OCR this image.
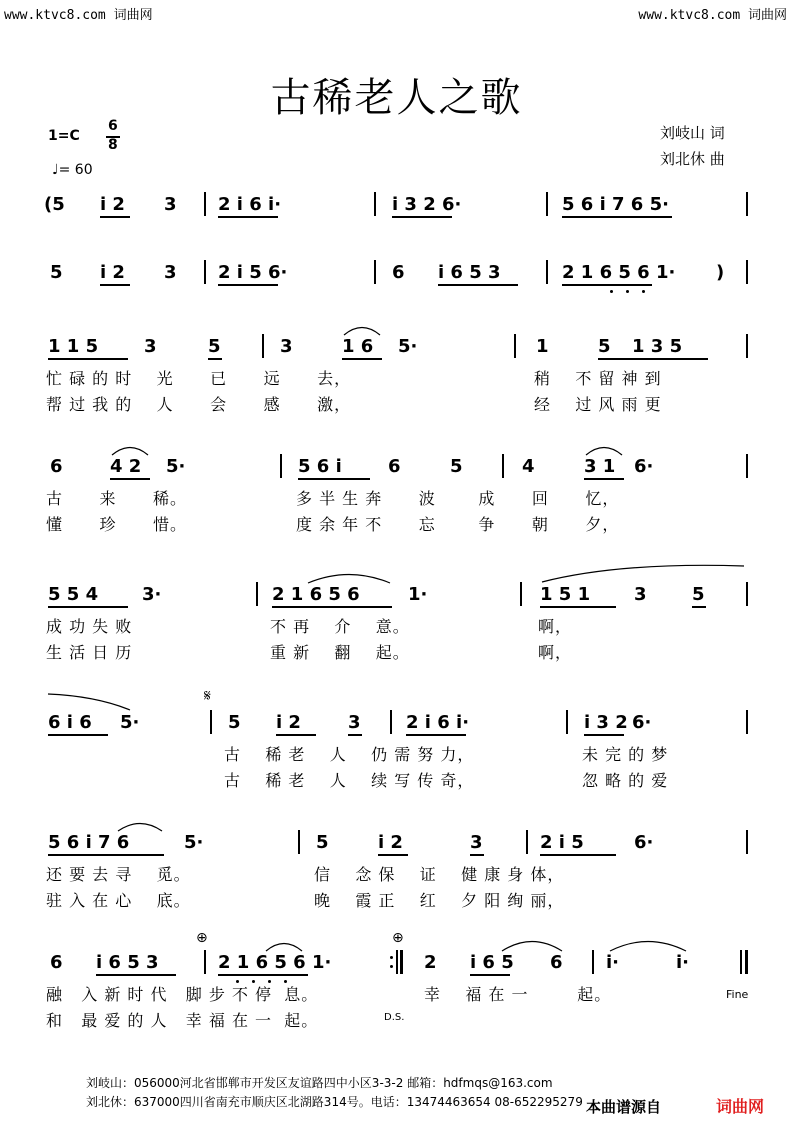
www.ktvc8.com 词曲网	www.ktvc8.com 词曲网
古稀老人之歌
1=C
6
8
♩= 60
刘岐山 词
刘北休 曲
(5 i 2 3 2 i 6 i·	i 3 2 6·	5 6 i 7 6 5·
5 i 2 3 2 i 5 6·	6 i 6 5 3	2 1 6 5 6 1· )
1 1 5	3	5	3	1 6 5·	1	5 1 3 5
忙 碌 的 时    光      已      远      去，
帮 过 我 的    人      会      感      激，
稍    不 留 神 到
经    过 风 雨 更
6	4 2 5·	5 6 i	6	5	4	3 1 6·
古      来      稀。
懂      珍      惜。
多 半 生 奔      波       成      回      忆，
度 余 年 不      忘       争      朝      夕，
5 5 4 3·	2 1 6 5 6	1·	1 5 1 3	5
成 功 失 败
生 活 日 历
不 再    介    意。
重 新    翻    起。
啊，
啊，
𝄋
6 i 6 5·	5 i 2	3	2 i 6 i·	i 3 2 6·
古    稀 老    人    仍 需 努 力，
古    稀 老    人    续 写 传 奇，
未 完 的 梦
忽 略 的 爱
5 6 i 7 6	5·	5	i 2	3	2 i 5	6·
还 要 去 寻    觅。
驻 入 在 心    底。
信    念 保    证    健 康 身 体，
晚    霞 正    红    夕 阳 绚 丽，
⊕	⊕
6 i 6 5 3	2 1 6 5 6 1·	2 i 6 5 6 i·	i·
融   入 新 时 代   脚 步 不 停  息。
和   最 爱 的 人   幸 福 在 一  起。
幸    福 在 一        起。
D.S.
Fine
刘岐山：056000河北省邯郸市开发区友谊路四中小区3-3-2 邮箱：hdfmqs@163.com
刘北休：637000四川省南充市顺庆区北湖路314号。电话：13474463654 08-652295279 本曲谱源自	词曲网
